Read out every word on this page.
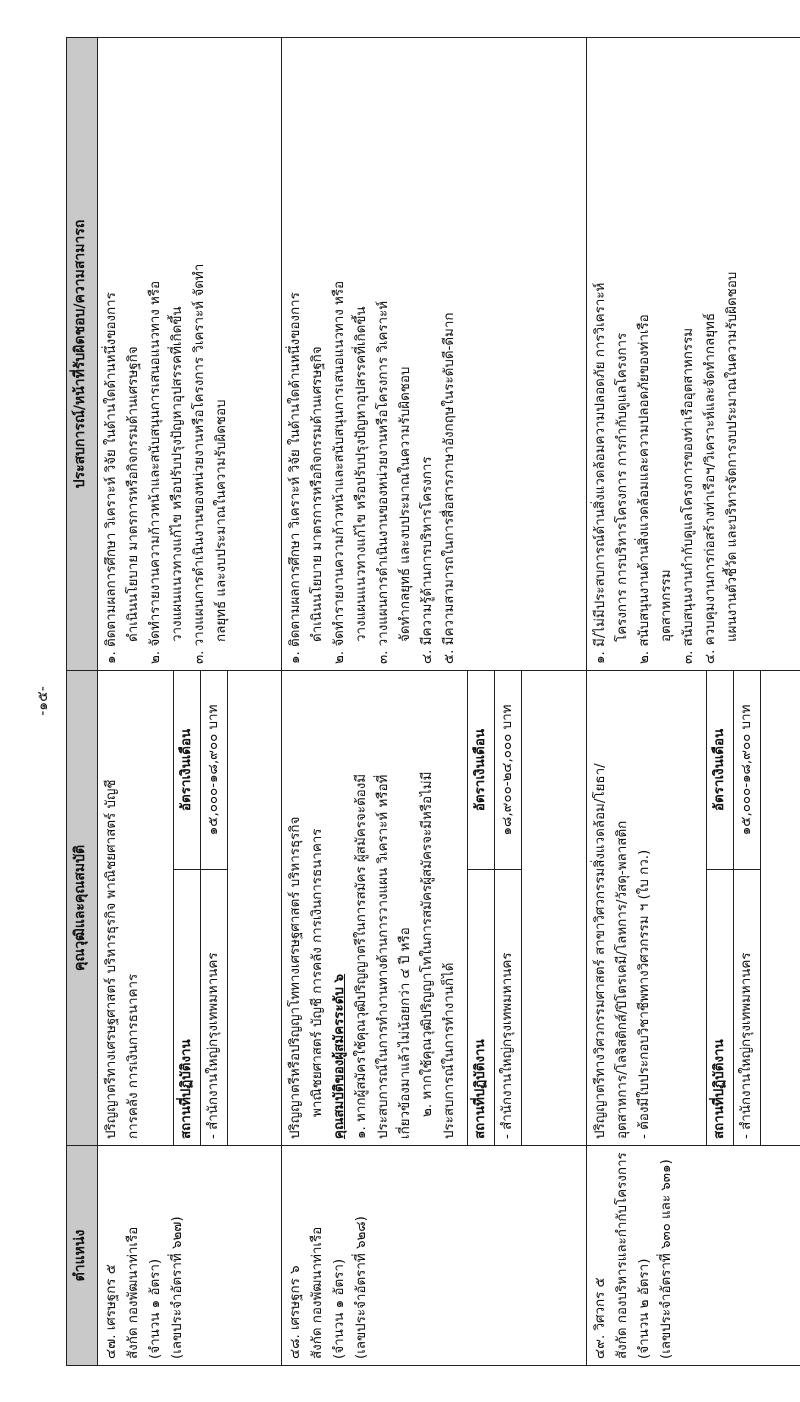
-๑๕-
ตำแหน่ง	คุณวุฒิและคุณสมบัติ	ประสบการณ์/หน้าที่รับผิดชอบ/ความสามารถ

๔๗. เศรษฐกร ๕ สังกัด กองพัฒนาท่าเรือ (จำนวน ๑ อัตรา) (เลขประจำอัตราที่ ๖๒๗)

ปริญญาตรีทางเศรษฐศาสตร์ บริหารธุรกิจ พาณิชยศาสตร์ บัญชี การคลัง การเงินการธนาคาร	สถานที่ปฏิบัติงาน	อัตราเงินเดือน
- สำนักงานใหญ่กรุงเทพมหานคร	๑๕,๐๐๐-๑๘,๙๐๐ บาท

๑. ติดตามผลการศึกษา วิเคราะห์ วิจัย ในด้านใดด้านหนึ่งของการ ดำเนินนโยบาย มาตรการหรือกิจกรรมด้านเศรษฐกิจ ๒. จัดทำรายงานความก้าวหน้าและสนับสนุนการเสนอแนวทาง หรือ วางแผนแนวทางแก้ไข หรือปรับปรุงปัญหาอุปสรรคที่เกิดขึ้น ๓. วางแผนการดำเนินงานของหน่วยงานหรือโครงการ วิเคราะห์ จัดทำ กลยุทธ์ และงบประมาณในความรับผิดชอบ

๔๘. เศรษฐกร ๖ สังกัด กองพัฒนาท่าเรือ (จำนวน ๑ อัตรา) (เลขประจำอัตราที่ ๖๒๘)

ปริญญาตรีหรือปริญญาโททางเศรษฐศาสตร์ บริหารธุรกิจ พาณิชยศาสตร์ บัญชี การคลัง การเงินการธนาคาร คุณสมบัติของผู้สมัครระดับ ๖ ๑. หากผู้สมัครใช้คุณวุฒิปริญญาตรีในการสมัคร ผู้สมัครจะต้องมี ประสบการณ์ในการทำงานทางด้านการวางแผน วิเคราะห์ หรือที่ เกี่ยวข้องมาแล้วไม่น้อยกว่า ๔ ปี หรือ ๒. หากใช้คุณวุฒิปริญญาโทในการสมัครผู้สมัครจะมีหรือไม่มี ประสบการณ์ในการทำงานก็ได้ สถานที่ปฏิบัติงาน	อัตราเงินเดือน
- สำนักงานใหญ่กรุงเทพมหานคร	๑๘,๙๐๐-๒๔,๐๐๐ บาท

๑. ติดตามผลการศึกษา วิเคราะห์ วิจัย ในด้านใดด้านหนึ่งของการ ดำเนินนโยบาย มาตรการหรือกิจกรรมด้านเศรษฐกิจ ๒. จัดทำรายงานความก้าวหน้าและสนับสนุนการเสนอแนวทาง หรือ วางแผนแนวทางแก้ไข หรือปรับปรุงปัญหาอุปสรรคที่เกิดขึ้น ๓. วางแผนการดำเนินงานของหน่วยงานหรือโครงการ วิเคราะห์ จัดทำกลยุทธ์ และงบประมาณในความรับผิดชอบ ๔. มีความรู้ด้านการบริหารโครงการ ๕. มีความสามารถในการสื่อสารภาษาอังกฤษในระดับดี-ดีมาก

๔๙. วิศวกร ๕ สังกัด กองบริหารและกำกับโครงการ (จำนวน ๒ อัตรา) (เลขประจำอัตราที่ ๖๓๐ และ ๖๓๑)

ปริญญาตรีทางวิศวกรรมศาสตร์ สาขาวิศวกรรมสิ่งแวดล้อม/โยธา/ อุตสาหการ/โลจิสติกส์/ปิโตรเคมี/โลหการ/วัสดุ-พลาสติก - ต้องมีใบประกอบวิชาชีพทางวิศวกรรม ฯ (ใบ กว.)	สถานที่ปฏิบัติงาน	อัตราเงินเดือน
- สำนักงานใหญ่กรุงเทพมหานคร	๑๕,๐๐๐-๑๘,๙๐๐ บาท

๑. มี/ไม่มีประสบการณ์ด้านสิ่งแวดล้อมความปลอดภัย การวิเคราะห์ โครงการ การบริหารโครงการ การกำกับดูแลโครงการ ๒. สนับสนุนงานด้านสิ่งแวดล้อมและความปลอดภัยของท่าเรือ อุตสาหกรรม ๓. สนับสนุนงานกำกับดูแลโครงการของท่าเรืออุตสาหกรรม ๔. ควบคุมงานการก่อสร้างท่าเรือฯ/วิเคราะห์และจัดทำกลยุทธ์ แผนงานตัวชี้วัด และบริหารจัดการงบประมาณในความรับผิดชอบ
